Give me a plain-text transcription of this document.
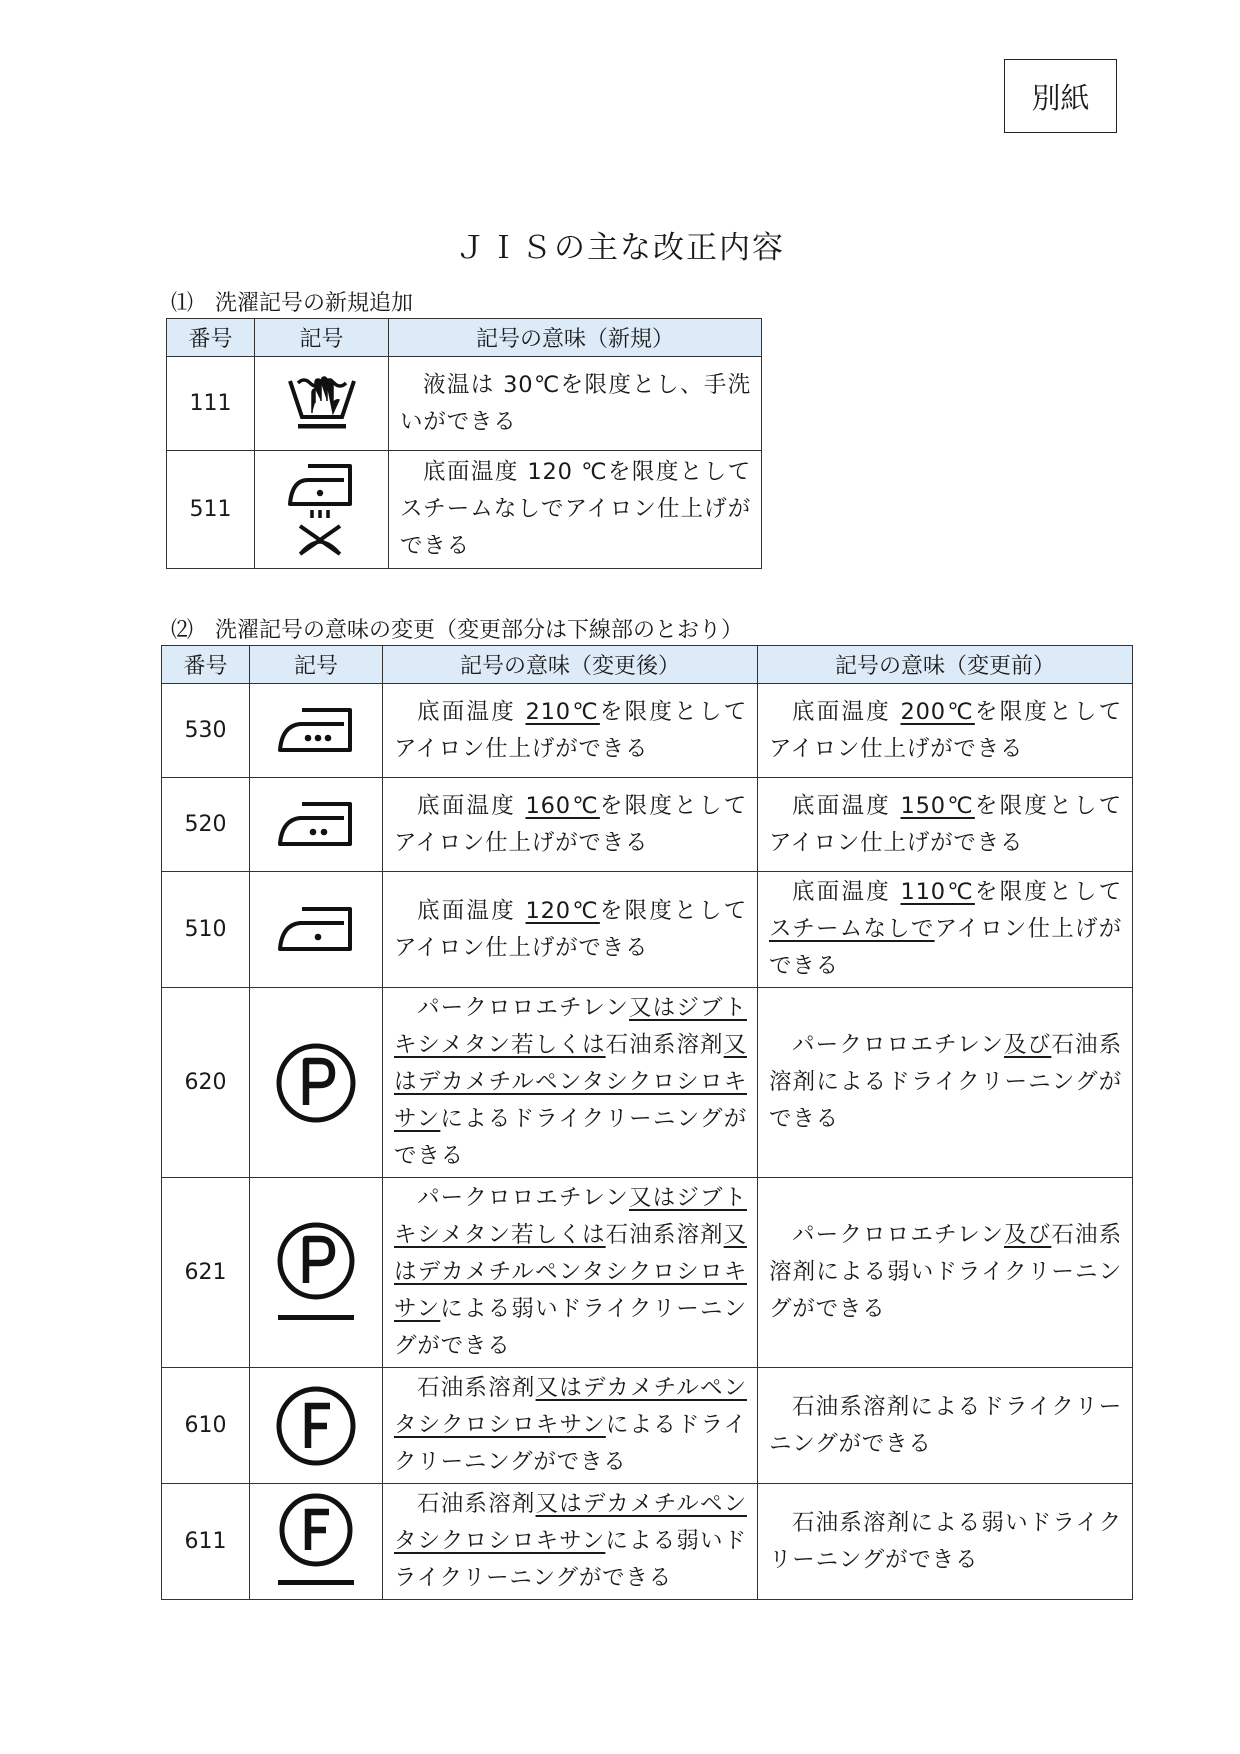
別紙
ＪＩＳの主な改正内容
⑴　洗濯記号の新規追加
番号	記号	記号の意味（新規）
111		液温は 30℃を限度とし、手洗いができる
511		底面温度 120 ℃を限度としてスチームなしでアイロン仕上げができる
⑵　洗濯記号の意味の変更（変更部分は下線部のとおり）
番号	記号	記号の意味（変更後）	記号の意味（変更前）
530		底面温度 210℃を限度としてアイロン仕上げができる	底面温度 200℃を限度としてアイロン仕上げができる
520		底面温度 160℃を限度としてアイロン仕上げができる	底面温度 150℃を限度としてアイロン仕上げができる
510		底面温度 120℃を限度としてアイロン仕上げができる	底面温度 110℃を限度としてスチームなしでアイロン仕上げができる
620		パークロロエチレン又はジブトキシメタン若しくは石油系溶剤又はデカメチルペンタシクロシロキサンによるドライクリーニングができる	パークロロエチレン及び石油系溶剤によるドライクリーニングができる
621		パークロロエチレン又はジブトキシメタン若しくは石油系溶剤又はデカメチルペンタシクロシロキサンによる弱いドライクリーニングができる	パークロロエチレン及び石油系溶剤による弱いドライクリーニングができる
610		石油系溶剤又はデカメチルペンタシクロシロキサンによるドライクリーニングができる	石油系溶剤によるドライクリーニングができる
611		石油系溶剤又はデカメチルペンタシクロシロキサンによる弱いドライクリーニングができる	石油系溶剤による弱いドライクリーニングができる
